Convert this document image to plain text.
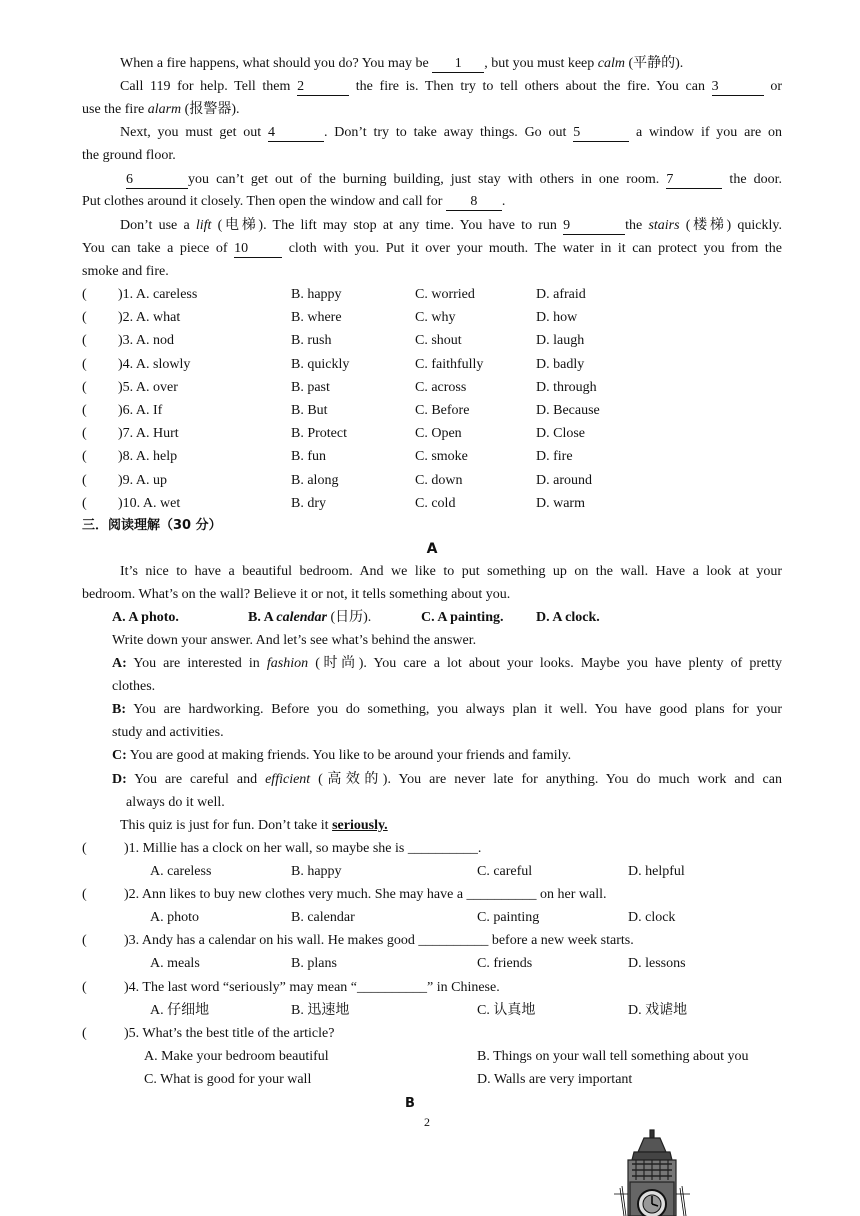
When a fire happens, what should you do? You may be 1 , but you must keep calm (平静的).
Call 119 for help. Tell them 2	the fire is. Then try to tell others about the fire. You can 3	or
use the fire alarm (报警器).
Next, you must get out 4	. Don’t try to take away things. Go out 5	a window if you are on
the ground floor.
6	you can’t get out of the burning building, just stay with others in one room. 7	the door.
Put clothes around it closely. Then open the window and call for 8 .
Don’t use a lift (电梯). The lift may stop at any time. You have to run 9	the stairs (楼梯) quickly.
You can take a piece of 10 cloth with you. Put it over your mouth. The water in it can protect you from the
smoke and fire.
( )1. A. careless	B. happy	C. worried	D. afraid
( )2. A. what	B. where	C. why	D. how
( )3. A. nod	B. rush	C. shout	D. laugh
( )4. A. slowly	B. quickly	C. faithfully	D. badly
( )5. A. over	B. past	C. across	D. through
( )6. A. If	B. But	C. Before	D. Because
( )7. A. Hurt	B. Protect	C. Open	D. Close
( )8. A. help	B. fun	C. smoke	D. fire
( )9. A. up	B. along	C. down	D. around
( )10. A. wet	B. dry	C. cold	D. warm
三．阅读理解（30 分）
A
It’s nice to have a beautiful bedroom. And we like to put something up on the wall. Have a look at your
bedroom. What’s on the wall? Believe it or not, it tells something about you.
A. A photo.	B. A calendar (日历).	C. A painting. D. A clock.
Write down your answer. And let’s see what’s behind the answer.
A: You are interested in fashion (时尚). You care a lot about your looks. Maybe you have plenty of pretty
clothes.
B: You are hardworking. Before you do something, you always plan it well. You have good plans for your
study and activities.
C: You are good at making friends. You like to be around your friends and family.
D: You are careful and efficient (高效的). You are never late for anything. You do much work and can
always do it well.
This quiz is just for fun. Don’t take it seriously.
(	)1. Millie has a clock on her wall, so maybe she is __________.
A. careless	B. happy	C. careful	D. helpful
(	)2. Ann likes to buy new clothes very much. She may have a __________ on her wall.
A. photo	B. calendar	C. painting	D. clock
(	)3. Andy has a calendar on his wall. He makes good __________ before a new week starts.
A. meals	B. plans	C. friends	D. lessons
(	)4. The last word “seriously” may mean “__________” in Chinese.
A. 仔细地	B. 迅速地	C. 认真地	D. 戏谑地
(	)5. What’s the best title of the article?
A. Make your bedroom beautiful	B. Things on your wall tell something about you
C. What is good for your wall	D. Walls are very important
B
2
